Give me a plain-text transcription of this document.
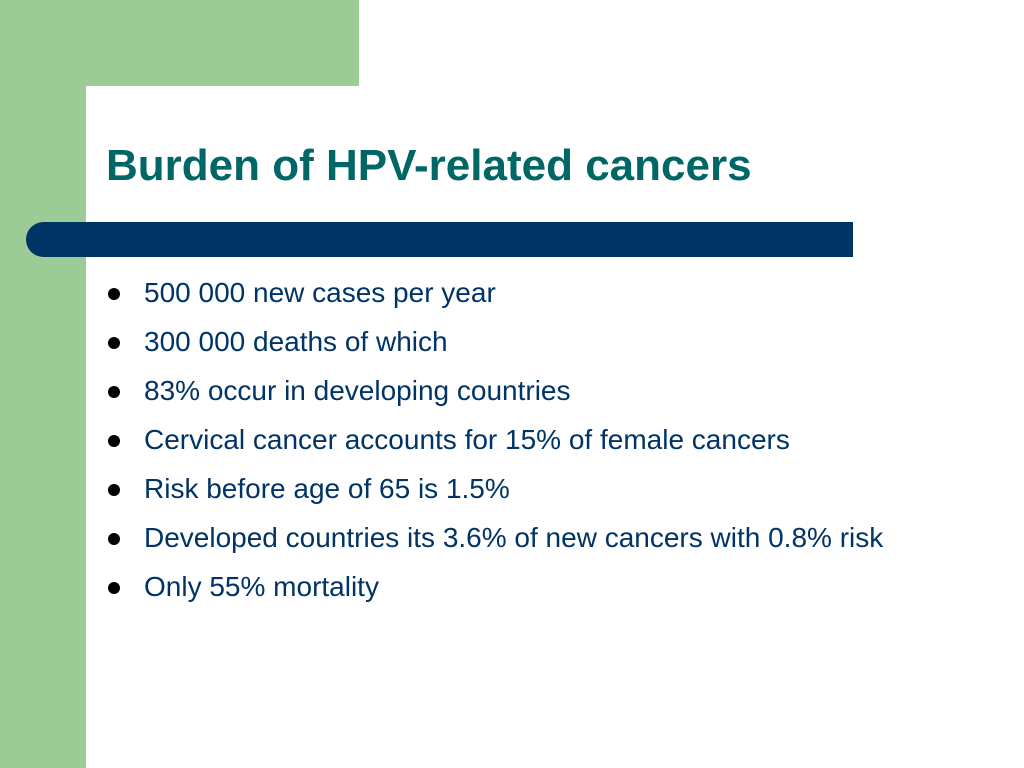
Burden of HPV-related cancers
500 000 new cases per year
300 000 deaths of which
83% occur in developing countries
Cervical cancer accounts for 15% of female cancers
Risk before age of 65 is 1.5%
Developed countries its 3.6% of new cancers with 0.8% risk
Only 55% mortality
